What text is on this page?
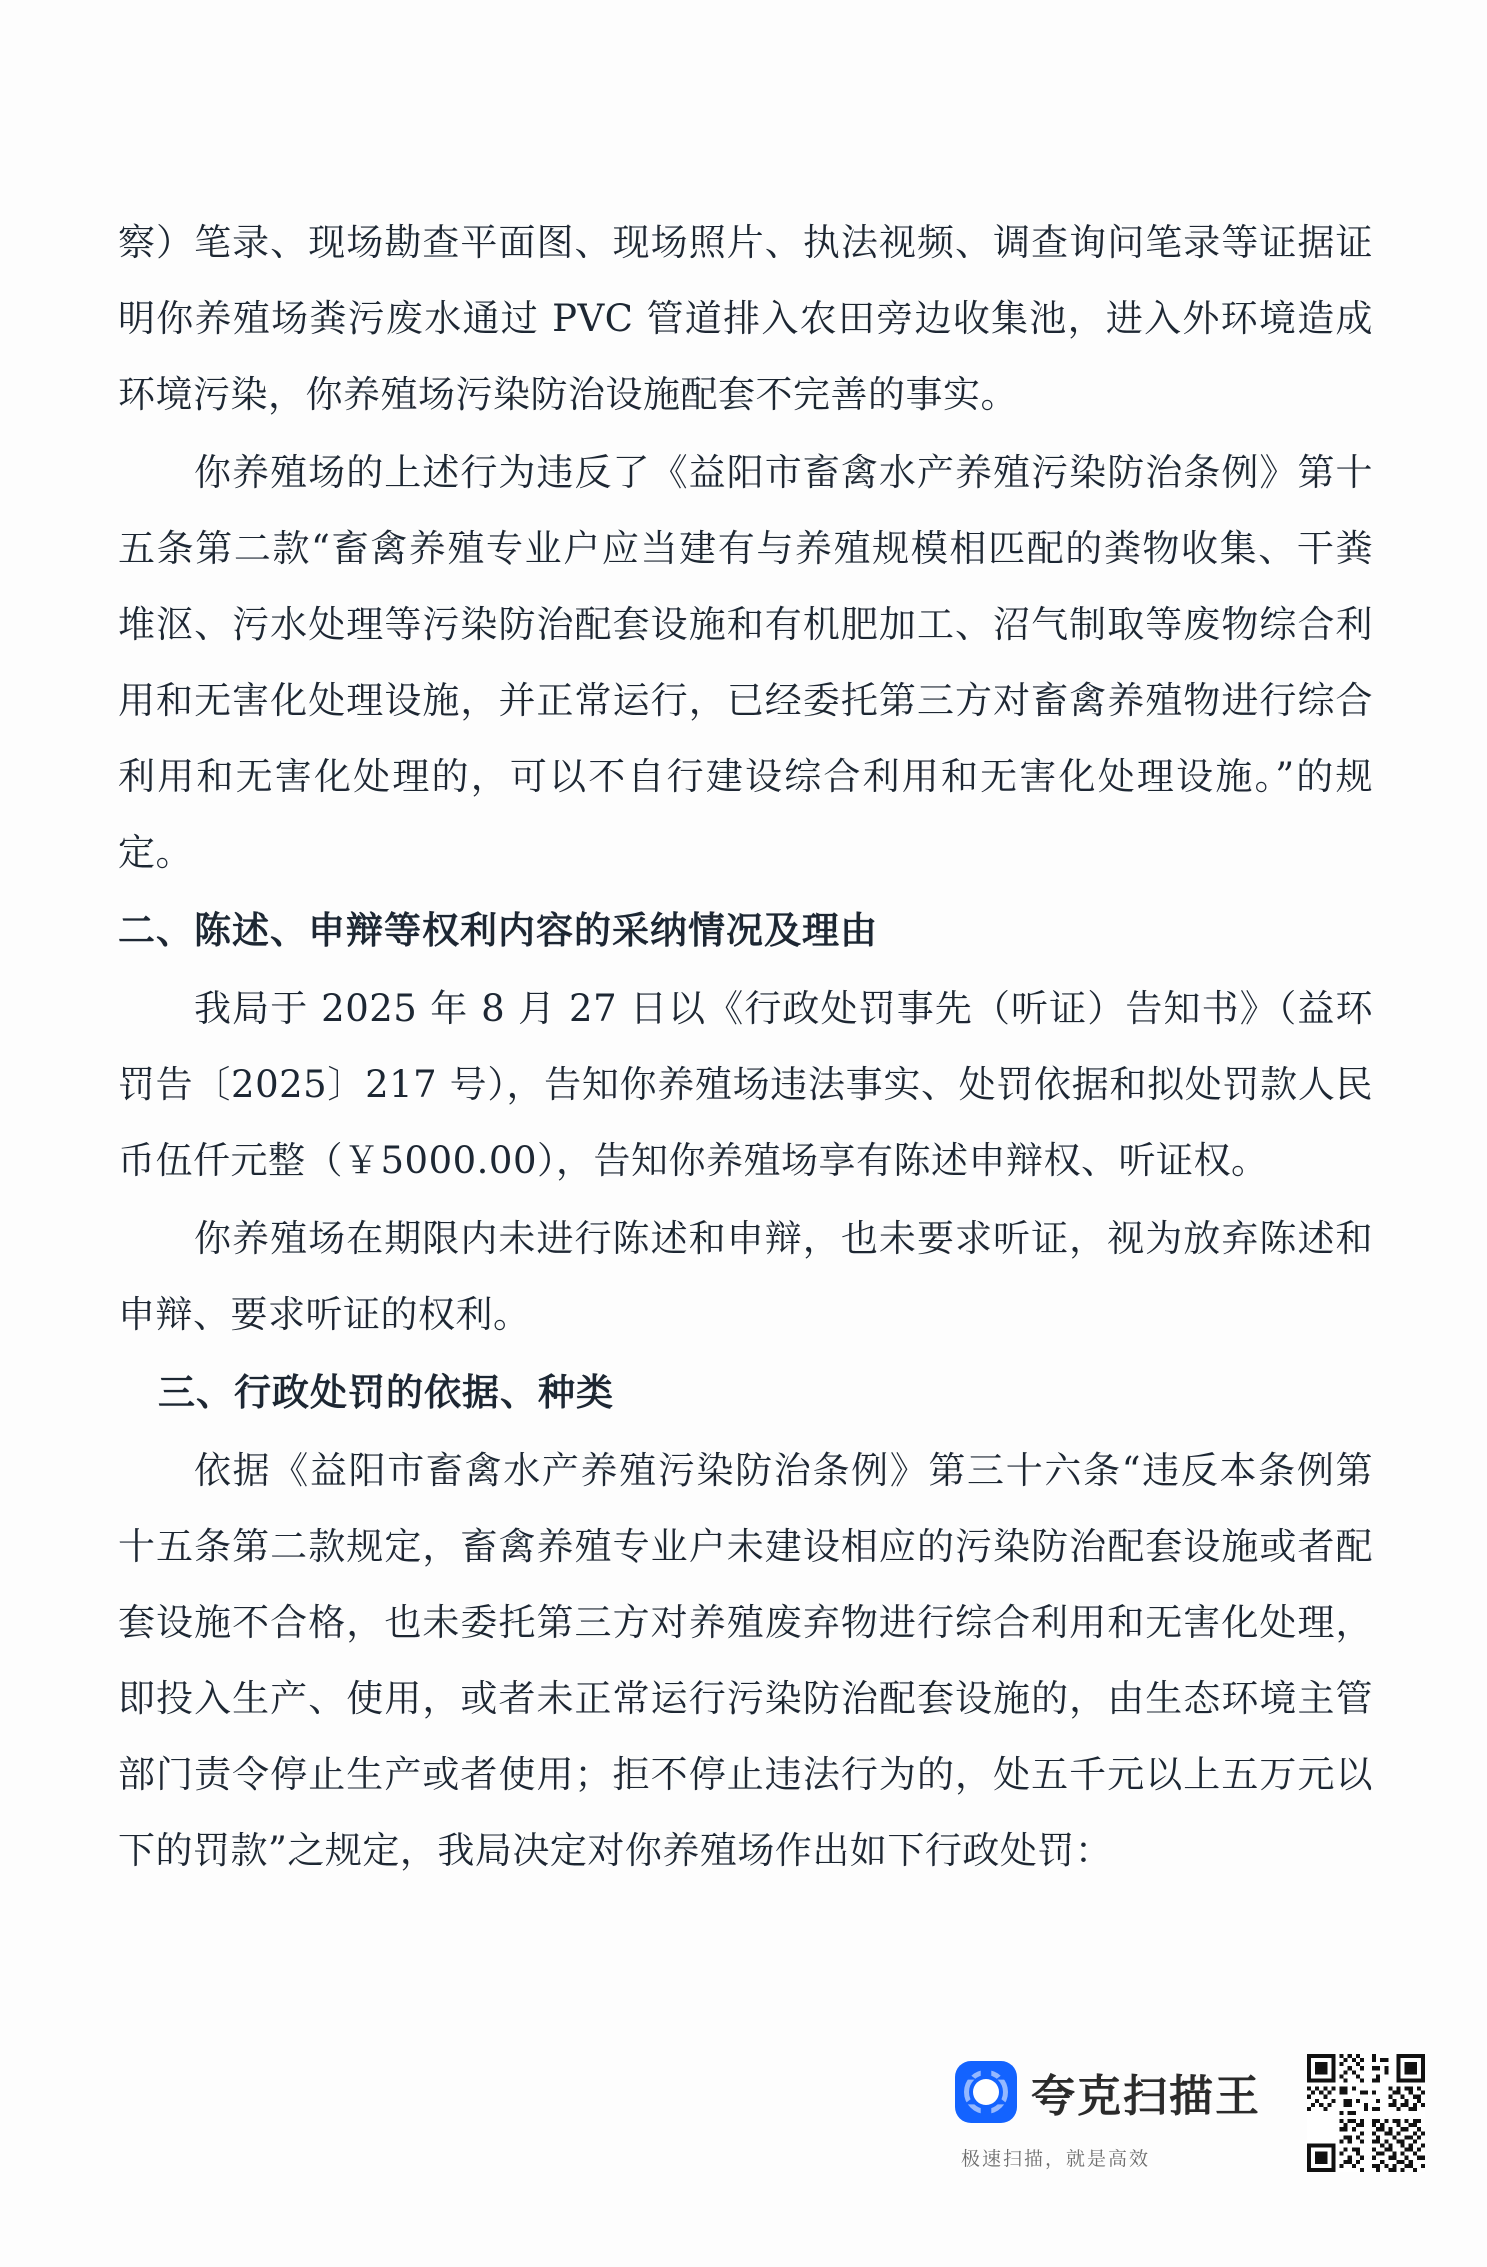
察）笔录、现场勘查平面图、现场照片、执法视频、调查询问笔录等证据证明你养殖场粪污废水通过 PVC 管道排入农田旁边收集池，进入外环境造成环境污染，你养殖场污染防治设施配套不完善的事实。

你养殖场的上述行为违反了《益阳市畜禽水产养殖污染防治条例》第十五条第二款“畜禽养殖专业户应当建有与养殖规模相匹配的粪物收集、干粪堆沤、污水处理等污染防治配套设施和有机肥加工、沼气制取等废物综合利用和无害化处理设施，并正常运行，已经委托第三方对畜禽养殖物进行综合利用和无害化处理的，可以不自行建设综合利用和无害化处理设施。”的规定。

二、陈述、申辩等权利内容的采纳情况及理由

我局于 2025 年 8 月 27 日以《行政处罚事先（听证）告知书》（益环罚告〔2025〕217 号），告知你养殖场违法事实、处罚依据和拟处罚款人民币伍仟元整（￥5000.00），告知你养殖场享有陈述申辩权、听证权。

你养殖场在期限内未进行陈述和申辩，也未要求听证，视为放弃陈述和申辩、要求听证的权利。

三、行政处罚的依据、种类

依据《益阳市畜禽水产养殖污染防治条例》第三十六条“违反本条例第十五条第二款规定，畜禽养殖专业户未建设相应的污染防治配套设施或者配套设施不合格，也未委托第三方对养殖废弃物进行综合利用和无害化处理，即投入生产、使用，或者未正常运行污染防治配套设施的，由生态环境主管部门责令停止生产或者使用；拒不停止违法行为的，处五千元以上五万元以下的罚款”之规定，我局决定对你养殖场作出如下行政处罚：

夸克扫描王
极速扫描，就是高效
